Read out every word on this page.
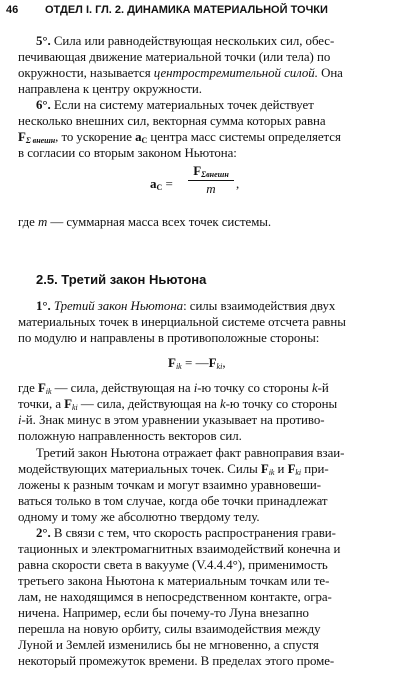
46 ОТДЕЛ I. ГЛ. 2. ДИНАМИКА МАТЕРИАЛЬНОЙ ТОЧКИ
5°. Сила или равнодействующая нескольких сил, обес-
печивающая движение материальной точки (или тела) по
окружности, называется центростремительной силой. Она
направлена к центру окружности.
6°. Если на систему материальных точек действует
несколько внешних сил, векторная сумма которых равна
$F_{\Sigma внешн}$, то ускорение $a_C$ центра масс системы определяется
в согласии со вторым законом Ньютона:
$a_C$ =
$F_{\Sigma внешн}$
m	,
где m — суммарная масса всех точек системы.
2.5. Третий закон Ньютона
1°. Третий закон Ньютона: силы взаимодействия двух
материальных точек в инерциальной системе отсчета равны
по модулю и направлены в противоположные стороны:
$F_{ik}$ = $—F_{ki}$,
где $F_{ik}$ — сила, действующая на i-ю точку со стороны k-й
точки, а $F_{ki}$ — сила, действующая на k-ю точку со стороны
i-й. Знак минус в этом уравнении указывает на противо-
положную направленность векторов сил.
Третий закон Ньютона отражает факт равноправия взаи-
модействующих материальных точек. Силы $F_{ik}$ и $F_{ki}$ при-
ложены к разным точкам и могут взаимно уравновеши-
ваться только в том случае, когда обе точки принадлежат
одному и тому же абсолютно твердому телу.
2°. В связи с тем, что скорость распространения грави-
тационных и электромагнитных взаимодействий конечна и
равна скорости света в вакууме (V.4.4.4°), применимость
третьего закона Ньютона к материальным точкам или те-
лам, не находящимся в непосредственном контакте, огра-
ничена. Например, если бы почему-то Луна внезапно
перешла на новую орбиту, силы взаимодействия между
Луной и Землей изменились бы не мгновенно, а спустя
некоторый промежуток времени. В пределах этого проме-
